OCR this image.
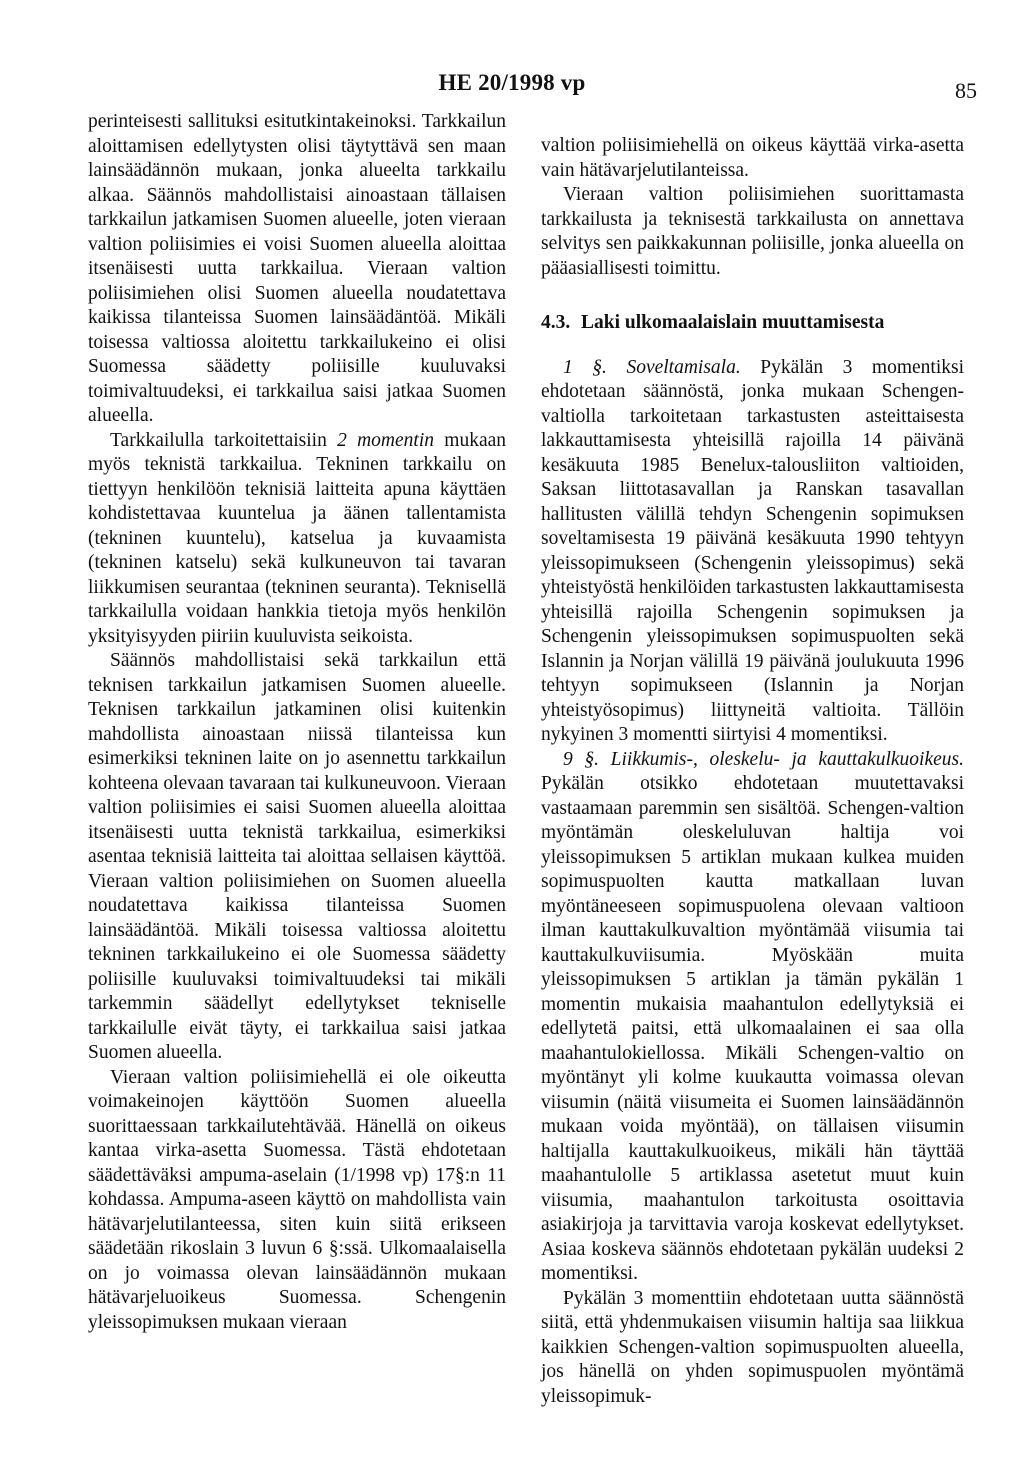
HE 20/1998 vp	85

perinteisesti sallituksi esitutkintakeinoksi. Tarkkailun aloittamisen edellytysten olisi täytyttävä sen maan lainsäädännön mukaan, jonka alueelta tarkkailu alkaa. Säännös mahdollistaisi ainoastaan tällaisen tarkkailun jatkamisen Suomen alueelle, joten vieraan valtion poliisimies ei voisi Suomen alueella aloittaa itsenäisesti uutta tarkkailua. Vieraan valtion poliisimiehen olisi Suomen alueella noudatettava kaikissa tilanteissa Suomen lainsäädäntöä. Mikäli toisessa valtiossa aloitettu tarkkailukeino ei olisi Suomessa säädetty poliisille kuuluvaksi toimivaltuudeksi, ei tarkkailua saisi jatkaa Suomen alueella.

Tarkkailulla tarkoitettaisiin 2 momentin mukaan myös teknistä tarkkailua. Tekninen tarkkailu on tiettyyn henkilöön teknisiä laitteita apuna käyttäen kohdistettavaa kuuntelua ja äänen tallentamista (tekninen kuuntelu), katselua ja kuvaamista (tekninen katselu) sekä kulkuneuvon tai tavaran liikkumisen seurantaa (tekninen seuranta). Teknisellä tarkkailulla voidaan hankkia tietoja myös henkilön yksityisyyden piiriin kuuluvista seikoista.

Säännös mahdollistaisi sekä tarkkailun että teknisen tarkkailun jatkamisen Suomen alueelle. Teknisen tarkkailun jatkaminen olisi kuitenkin mahdollista ainoastaan niissä tilanteissa kun esimerkiksi tekninen laite on jo asennettu tarkkailun kohteena olevaan tavaraan tai kulkuneuvoon. Vieraan valtion poliisimies ei saisi Suomen alueella aloittaa itsenäisesti uutta teknistä tarkkailua, esimerkiksi asentaa teknisiä laitteita tai aloittaa sellaisen käyttöä. Vieraan valtion poliisimiehen on Suomen alueella noudatettava kaikissa tilanteissa Suomen lainsäädäntöä. Mikäli toisessa valtiossa aloitettu tekninen tarkkailukeino ei ole Suomessa säädetty poliisille kuuluvaksi toimivaltuudeksi tai mikäli tarkemmin säädellyt edellytykset tekniselle tarkkailulle eivät täyty, ei tarkkailua saisi jatkaa Suomen alueella.

Vieraan valtion poliisimiehellä ei ole oikeutta voimakeinojen käyttöön Suomen alueella suorittaessaan tarkkailutehtävää. Hänellä on oikeus kantaa virka-asetta Suomessa. Tästä ehdotetaan säädettäväksi ampuma-aselain (1/1998 vp) 17§:n 11 kohdassa. Ampuma-aseen käyttö on mahdollista vain hätävarjelutilanteessa, siten kuin siitä erikseen säädetään rikoslain 3 luvun 6 §:ssä. Ulkomaalaisella on jo voimassa olevan lainsäädännön mukaan hätävarjeluoikeus Suomessa. Schengenin yleissopimuksen mukaan vieraan

valtion poliisimiehellä on oikeus käyttää virka-asetta vain hätävarjelutilanteissa.

Vieraan valtion poliisimiehen suorittamasta tarkkailusta ja teknisestä tarkkailusta on annettava selvitys sen paikkakunnan poliisille, jonka alueella on pääasiallisesti toimittu.

4.3. Laki ulkomaalaislain muuttamisesta

1 §. Soveltamisala. Pykälän 3 momentiksi ehdotetaan säännöstä, jonka mukaan Schengen-valtiolla tarkoitetaan tarkastusten asteittaisesta lakkauttamisesta yhteisillä rajoilla 14 päivänä kesäkuuta 1985 Benelux-talousliiton valtioiden, Saksan liittotasavallan ja Ranskan tasavallan hallitusten välillä tehdyn Schengenin sopimuksen soveltamisesta 19 päivänä kesäkuuta 1990 tehtyyn yleissopimukseen (Schengenin yleissopimus) sekä yhteistyöstä henkilöiden tarkastusten lakkauttamisesta yhteisillä rajoilla Schengenin sopimuksen ja Schengenin yleissopimuksen sopimuspuolten sekä Islannin ja Norjan välillä 19 päivänä joulukuuta 1996 tehtyyn sopimukseen (Islannin ja Norjan yhteistyösopimus) liittyneitä valtioita. Tällöin nykyinen 3 momentti siirtyisi 4 momentiksi.

9 §. Liikkumis-, oleskelu- ja kauttakulkuoikeus. Pykälän otsikko ehdotetaan muutettavaksi vastaamaan paremmin sen sisältöä. Schengen-valtion myöntämän oleskeluluvan haltija voi yleissopimuksen 5 artiklan mukaan kulkea muiden sopimuspuolten kautta matkallaan luvan myöntäneeseen sopimuspuolena olevaan valtioon ilman kauttakulkuvaltion myöntämää viisumia tai kauttakulkuviisumia. Myöskään muita yleissopimuksen 5 artiklan ja tämän pykälän 1 momentin mukaisia maahantulon edellytyksiä ei edellytetä paitsi, että ulkomaalainen ei saa olla maahantulokiellossa. Mikäli Schengen-valtio on myöntänyt yli kolme kuukautta voimassa olevan viisumin (näitä viisumeita ei Suomen lainsäädännön mukaan voida myöntää), on tällaisen viisumin haltijalla kauttakulkuoikeus, mikäli hän täyttää maahantulolle 5 artiklassa asetetut muut kuin viisumia, maahantulon tarkoitusta osoittavia asiakirjoja ja tarvittavia varoja koskevat edellytykset. Asiaa koskeva säännös ehdotetaan pykälän uudeksi 2 momentiksi.

Pykälän 3 momenttiin ehdotetaan uutta säännöstä siitä, että yhdenmukaisen viisumin haltija saa liikkua kaikkien Schengen-valtion sopimuspuolten alueella, jos hänellä on yhden sopimuspuolen myöntämä yleissopimuk-
